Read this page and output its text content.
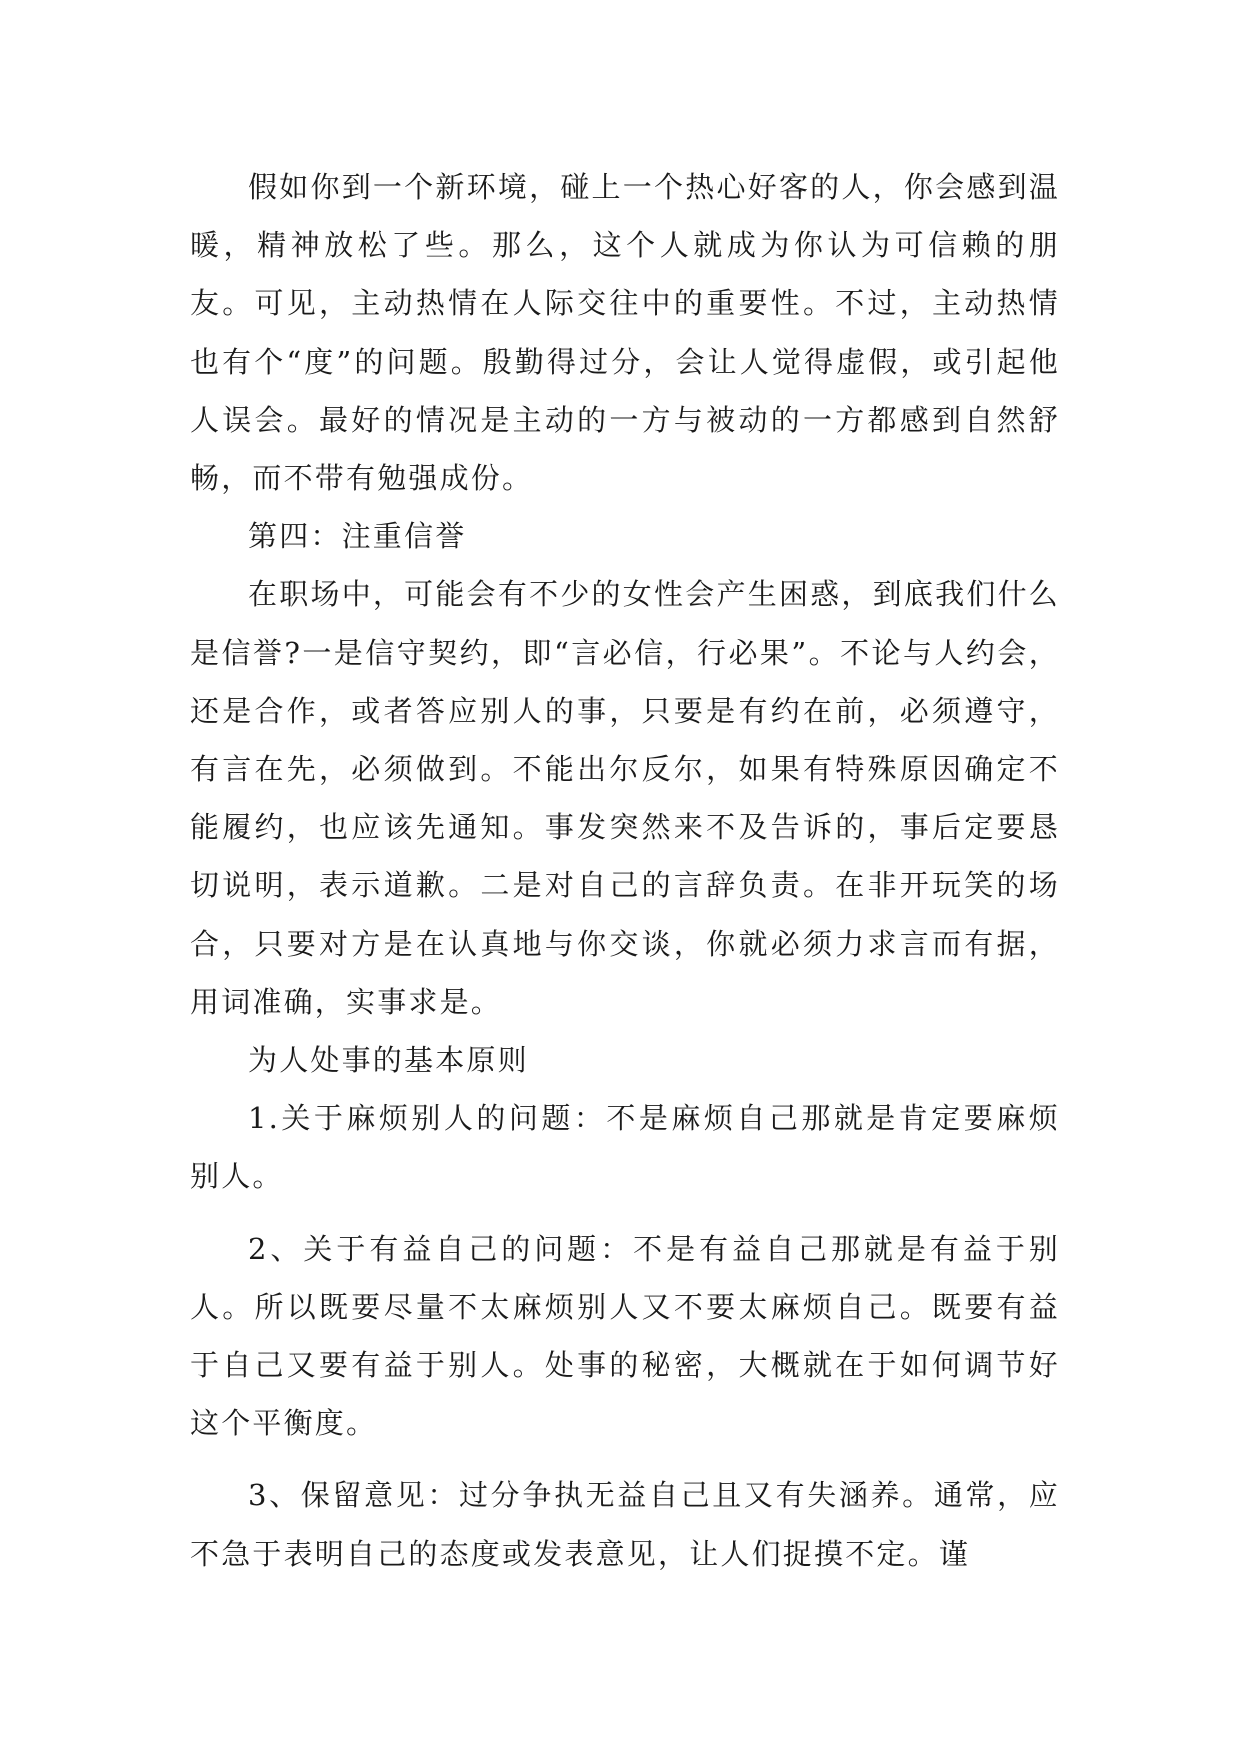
假如你到一个新环境，碰上一个热心好客的人，你会感到温暖，精神放松了些。那么，这个人就成为你认为可信赖的朋友。可见，主动热情在人际交往中的重要性。不过，主动热情也有个“度”的问题。殷勤得过分，会让人觉得虚假，或引起他人误会。最好的情况是主动的一方与被动的一方都感到自然舒畅，而不带有勉强成份。

第四：注重信誉

在职场中，可能会有不少的女性会产生困惑，到底我们什么是信誉?一是信守契约，即“言必信，行必果”。不论与人约会，还是合作，或者答应别人的事，只要是有约在前，必须遵守，有言在先，必须做到。不能出尔反尔，如果有特殊原因确定不能履约，也应该先通知。事发突然来不及告诉的，事后定要恳切说明，表示道歉。二是对自己的言辞负责。在非开玩笑的场合，只要对方是在认真地与你交谈，你就必须力求言而有据，用词准确，实事求是。

为人处事的基本原则

1.关于麻烦别人的问题：不是麻烦自己那就是肯定要麻烦别人。

2、关于有益自己的问题：不是有益自己那就是有益于别人。所以既要尽量不太麻烦别人又不要太麻烦自己。既要有益于自己又要有益于别人。处事的秘密，大概就在于如何调节好这个平衡度。

3、保留意见：过分争执无益自己且又有失涵养。通常，应不急于表明自己的态度或发表意见，让人们捉摸不定。谨
